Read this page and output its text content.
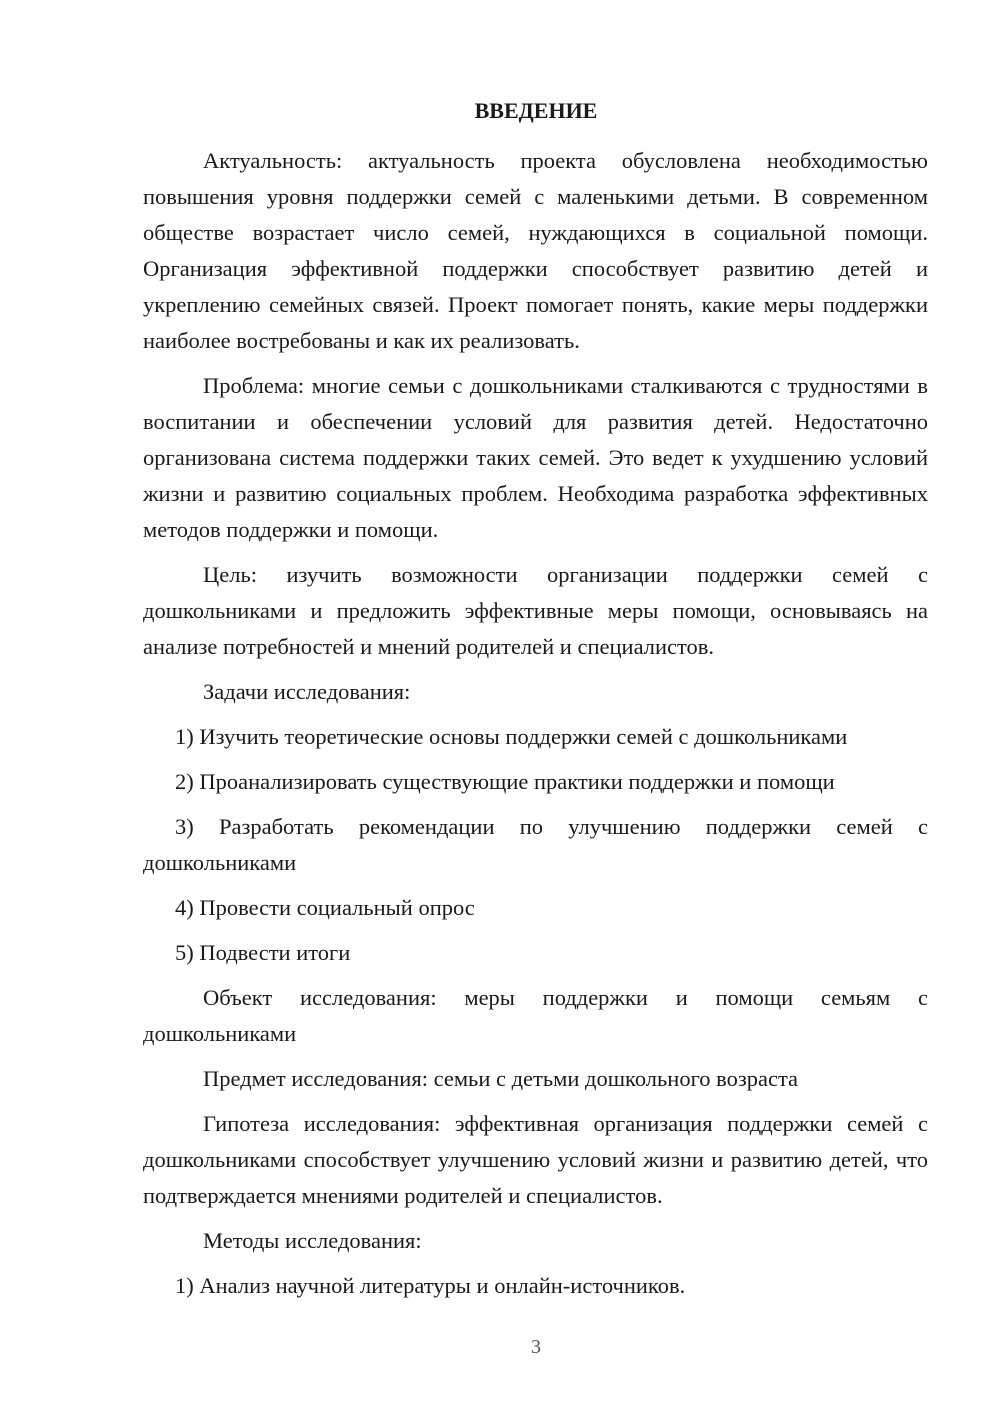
ВВЕДЕНИЕ

Актуальность: актуальность проекта обусловлена необходимостью повышения уровня поддержки семей с маленькими детьми. В современном обществе возрастает число семей, нуждающихся в социальной помощи. Организация эффективной поддержки способствует развитию детей и укреплению семейных связей. Проект помогает понять, какие меры поддержки наиболее востребованы и как их реализовать.

Проблема: многие семьи с дошкольниками сталкиваются с трудностями в воспитании и обеспечении условий для развития детей. Недостаточно организована система поддержки таких семей. Это ведет к ухудшению условий жизни и развитию социальных проблем. Необходима разработка эффективных методов поддержки и помощи.

Цель: изучить возможности организации поддержки семей с дошкольниками и предложить эффективные меры помощи, основываясь на анализе потребностей и мнений родителей и специалистов.

Задачи исследования:

1) Изучить теоретические основы поддержки семей с дошкольниками

2) Проанализировать существующие практики поддержки и помощи

3) Разработать рекомендации по улучшению поддержки семей с дошкольниками

4) Провести социальный опрос

5) Подвести итоги

Объект исследования: меры поддержки и помощи семьям с дошкольниками

Предмет исследования: семьи с детьми дошкольного возраста

Гипотеза исследования: эффективная организация поддержки семей с дошкольниками способствует улучшению условий жизни и развитию детей, что подтверждается мнениями родителей и специалистов.

Методы исследования:

1) Анализ научной литературы и онлайн-источников.

3
